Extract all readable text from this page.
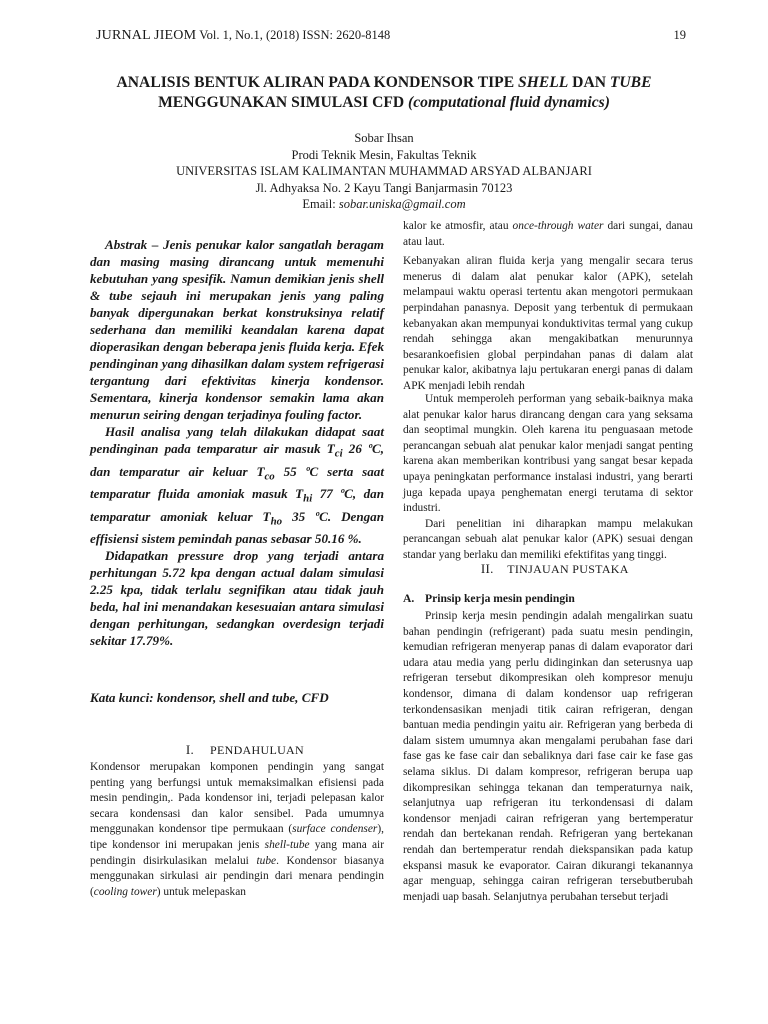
JURNAL JIEOM Vol. 1, No.1, (2018) ISSN: 2620-8148	19
ANALISIS BENTUK ALIRAN PADA KONDENSOR TIPE SHELL DAN TUBE
MENGGUNAKAN SIMULASI CFD (computational fluid dynamics)
Sobar Ihsan
Prodi Teknik Mesin, Fakultas Teknik
UNIVERSITAS ISLAM KALIMANTAN MUHAMMAD ARSYAD ALBANJARI
Jl. Adhyaksa No. 2 Kayu Tangi Banjarmasin 70123
Email: sobar.uniska@gmail.com

Abstrak – Jenis penukar kalor sangatlah beragam dan masing masing dirancang untuk memenuhi kebutuhan yang spesifik. Namun demikian jenis shell & tube sejauh ini merupakan jenis yang paling banyak dipergunakan berkat konstruksinya relatif sederhana dan memiliki keandalan karena dapat dioperasikan dengan beberapa jenis fluida kerja. Efek pendinginan yang dihasilkan dalam system refrigerasi tergantung dari efektivitas kinerja kondensor. Sementara, kinerja kondensor semakin lama akan menurun seiring dengan terjadinya fouling factor.

Hasil analisa yang telah dilakukan didapat saat pendinginan pada temparatur air masuk $T_{ci}$ 26 ºC, dan temparatur air keluar $T_{co}$ 55 ºC serta saat temparatur fluida amoniak masuk $T_{hi}$ 77 ºC, dan temparatur amoniak keluar $T_{ho}$ 35 ºC. Dengan effisiensi sistem pemindah panas sebasar 50.16 %.

Didapatkan pressure drop yang terjadi antara perhitungan 5.72 kpa dengan actual dalam simulasi 2.25 kpa, tidak terlalu segnifikan atau tidak jauh beda, hal ini menandakan kesesuaian antara simulasi dengan perhitungan, sedangkan overdesign terjadi sekitar 17.79%.

Kata kunci: kondensor, shell and tube, CFD
I. PENDAHULUAN

Kondensor merupakan komponen pendingin yang sangat penting yang berfungsi untuk memaksimalkan efisiensi pada mesin pendingin,. Pada kondensor ini, terjadi pelepasan kalor secara kondensasi dan kalor sensibel. Pada umumnya menggunakan kondensor tipe permukaan (surface condenser), tipe kondensor ini merupakan jenis shell-tube yang mana air pendingin disirkulasikan melalui tube. Kondensor biasanya menggunakan sirkulasi air pendingin dari menara pendingin (cooling tower) untuk melepaskan

kalor ke atmosfir, atau once-through water dari sungai, danau atau laut.

Kebanyakan aliran fluida kerja yang mengalir secara terus menerus di dalam alat penukar kalor (APK), setelah melampaui waktu operasi tertentu akan mengotori permukaan perpindahan panasnya. Deposit yang terbentuk di permukaan kebanyakan akan mempunyai konduktivitas termal yang cukup rendah sehingga akan mengakibatkan menurunnya besarankoefisien global perpindahan panas di dalam alat penukar kalor, akibatnya laju pertukaran energi panas di dalam APK menjadi lebih rendah

Untuk memperoleh performan yang sebaik-baiknya maka alat penukar kalor harus dirancang dengan cara yang seksama dan seoptimal mungkin. Oleh karena itu penguasaan metode perancangan sebuah alat penukar kalor menjadi sangat penting karena akan memberikan kontribusi yang sangat besar kepada upaya peningkatan performance instalasi industri, yang berarti juga kepada upaya penghematan energi terutama di sektor industri.

Dari penelitian ini diharapkan mampu melakukan perancangan sebuah alat penukar kalor (APK) sesuai dengan standar yang berlaku dan memiliki efektifitas yang tinggi.

II. TINJAUAN PUSTAKA
A. Prinsip kerja mesin pendingin

Prinsip kerja mesin pendingin adalah mengalirkan suatu bahan pendingin (refrigerant) pada suatu mesin pendingin, kemudian refrigeran menyerap panas di dalam evaporator dari udara atau media yang perlu didinginkan dan seterusnya uap refrigeran tersebut dikompresikan oleh kompresor menuju kondensor, dimana di dalam kondensor uap refrigeran terkondensasikan menjadi titik cairan refrigeran, dengan bantuan media pendingin yaitu air. Refrigeran yang berbeda di dalam sistem umumnya akan mengalami perubahan fase dari fase gas ke fase cair dan sebaliknya dari fase cair ke fase gas selama siklus. Di dalam kompresor, refrigeran berupa uap dikompresikan sehingga tekanan dan temperaturnya naik, selanjutnya uap refrigeran itu terkondensasi di dalam kondensor menjadi cairan refrigeran yang bertemperatur rendah dan bertekanan rendah. Refrigeran yang bertekanan rendah dan bertemperatur rendah diekspansikan pada katup ekspansi masuk ke evaporator. Cairan dikurangi tekanannya agar menguap, sehingga cairan refrigeran tersebutberubah menjadi uap basah. Selanjutnya perubahan tersebut terjadi
